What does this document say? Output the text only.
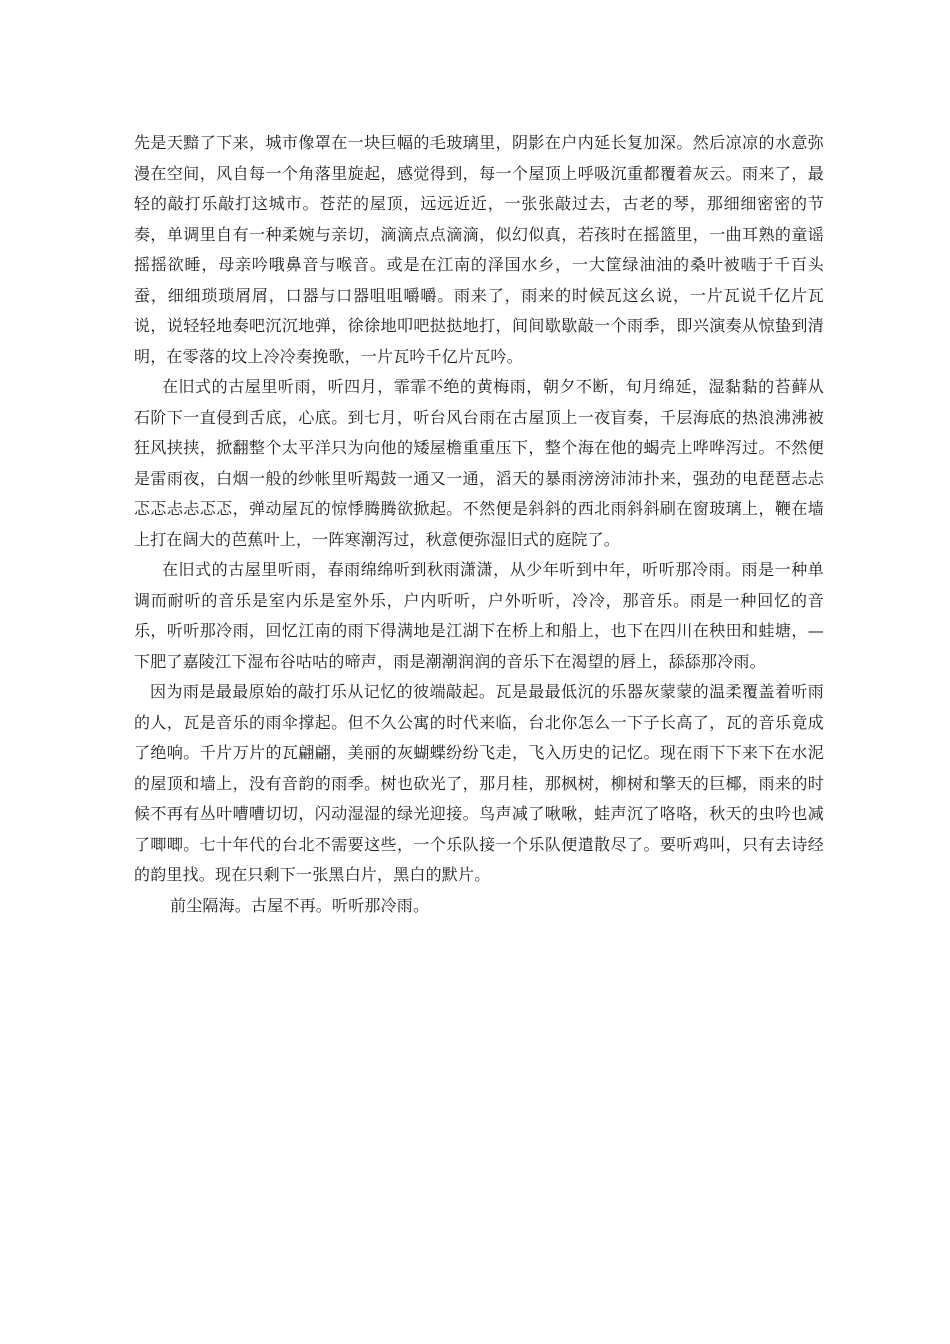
先是天黯了下来，城市像罩在一块巨幅的毛玻璃里，阴影在户内延长复加深。然后凉凉的水意弥漫在空间，风自每一个角落里旋起，感觉得到，每一个屋顶上呼吸沉重都覆着灰云。雨来了，最轻的敲打乐敲打这城市。苍茫的屋顶，远远近近，一张张敲过去，古老的琴，那细细密密的节奏，单调里自有一种柔婉与亲切，滴滴点点滴滴，似幻似真，若孩时在摇篮里，一曲耳熟的童谣摇摇欲睡，母亲吟哦鼻音与喉音。或是在江南的泽国水乡，一大筐绿油油的桑叶被啮于千百头蚕，细细琐琐屑屑，口器与口器咀咀嚼嚼。雨来了，雨来的时候瓦这幺说，一片瓦说千亿片瓦说，说轻轻地奏吧沉沉地弹，徐徐地叩吧挞挞地打，间间歇歇敲一个雨季，即兴演奏从惊蛰到清明，在零落的坟上冷冷奏挽歌，一片瓦吟千亿片瓦吟。

在旧式的古屋里听雨，听四月，霏霏不绝的黄梅雨，朝夕不断，旬月绵延，湿黏黏的苔藓从石阶下一直侵到舌底，心底。到七月，听台风台雨在古屋顶上一夜盲奏，千层海底的热浪沸沸被狂风挟挟，掀翻整个太平洋只为向他的矮屋檐重重压下，整个海在他的蝎壳上哗哗泻过。不然便是雷雨夜，白烟一般的纱帐里听羯鼓一通又一通，滔天的暴雨滂滂沛沛扑来，强劲的电琵琶忐忐忑忑忐忐忑忑，弹动屋瓦的惊悸腾腾欲掀起。不然便是斜斜的西北雨斜斜刷在窗玻璃上，鞭在墙上打在阔大的芭蕉叶上，一阵寒潮泻过，秋意便弥湿旧式的庭院了。

在旧式的古屋里听雨，春雨绵绵听到秋雨潇潇，从少年听到中年，听听那冷雨。雨是一种单调而耐听的音乐是室内乐是室外乐，户内听听，户外听听，冷冷，那音乐。雨是一种回忆的音乐，听听那冷雨，回忆江南的雨下得满地是江湖下在桥上和船上，也下在四川在秧田和蛙塘，—下肥了嘉陵江下湿布谷咕咕的啼声，雨是潮潮润润的音乐下在渴望的唇上，舔舔那冷雨。

因为雨是最最原始的敲打乐从记忆的彼端敲起。瓦是最最低沉的乐器灰蒙蒙的温柔覆盖着听雨的人，瓦是音乐的雨伞撑起。但不久公寓的时代来临，台北你怎么一下子长高了，瓦的音乐竟成了绝响。千片万片的瓦翩翩，美丽的灰蝴蝶纷纷飞走，飞入历史的记忆。现在雨下下来下在水泥的屋顶和墙上，没有音韵的雨季。树也砍光了，那月桂，那枫树，柳树和擎天的巨椰，雨来的时候不再有丛叶嘈嘈切切，闪动湿湿的绿光迎接。鸟声减了啾啾，蛙声沉了咯咯，秋天的虫吟也减了唧唧。七十年代的台北不需要这些，一个乐队接一个乐队便遣散尽了。要听鸡叫，只有去诗经的韵里找。现在只剩下一张黑白片，黑白的默片。

前尘隔海。古屋不再。听听那冷雨。
